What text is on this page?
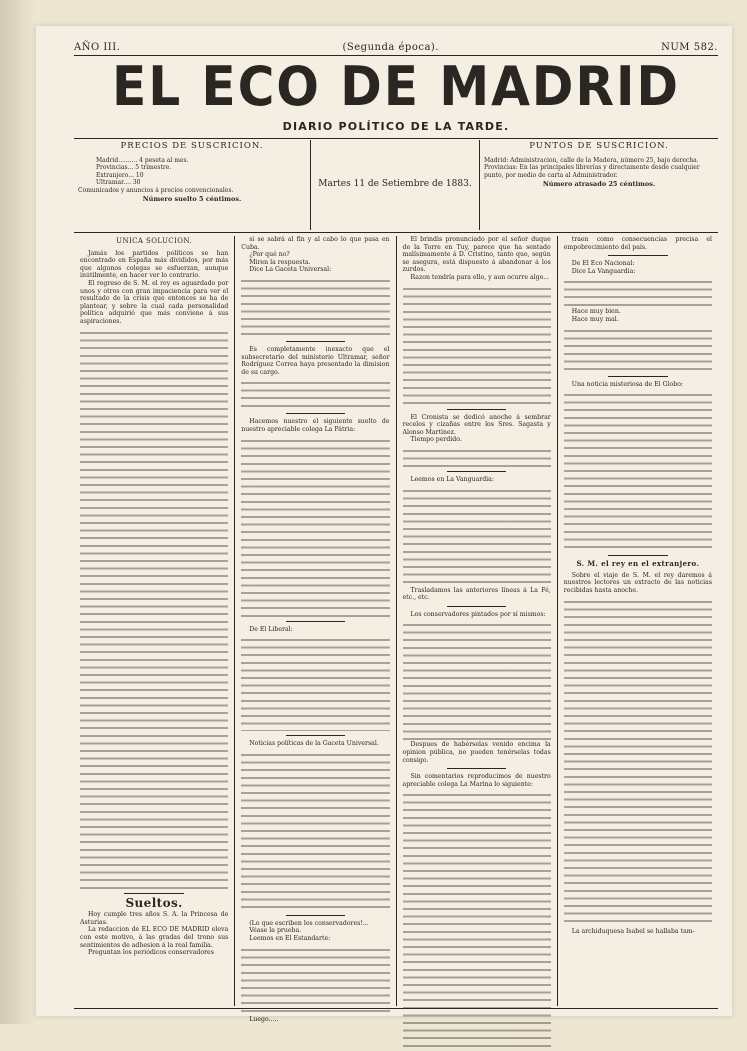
AÑO III.	(Segunda época).	NUM 582.
EL ECO DE MADRID
DIARIO POLÍTICO DE LA TARDE.
PRECIOS DE SUSCRICION.
Madrid.......... 4 peseta al mes.
Provincias... 5 trimestre.
Extranjero... 10
Ultramar.... 30
Comunicados y anuncios á precios convencionales.
Número suelto 5 céntimos.
Martes 11 de Setiembre de 1883.
PUNTOS DE SUSCRICION.
Madrid: Administracion, calle de la Madera, número 25, bajo derecha.
Provincias: En las principales librerías y directamente desde cualquier punto, por medio de carta al Administrador.
Número atrasado 25 céntimos.
UNICA SOLUCION.

Jamás los partidos políticos se han encontrado en España más divididos, por más que algunos colegas se esfuerzan, aunque inútilmente, en hacer ver lo contrario.

El regreso de S. M. el rey es aguardado por unos y otros con gran impaciencia para ver el resultado de la crisis que entonces se ha de plantear, y sobre la cual cada personalidad política adquirió que más conviene á sus aspiraciones.

Sueltos.

Hoy cumple tres años S. A. la Princesa de Asturias.

La redaccion de EL ECO DE MADRID eleva con este motivo, á las gradas del trono sus sentimientos de adhesion á la real familia.

Preguntan los periódicos conservadores

si se sabrá al fin y al cabo lo que pasa en Cuba.

¿Por qué no?

Miren la respuesta.

Dice La Gaceta Universal:

Es completamente inexacto que el subsecretario del ministerio Ultramar, señor Rodríguez Correa haya presentado la dimision de su cargo.

Hacemos nuestro el siguiente suelto de nuestro apreciable colega La Pátria:

De El Liberal:

Noticias políticas de la Gaceta Universal.

(Lo que escriben los conservadores!...

Véase la prueba.

Leemos en El Estandarte:

Luego.....

El brindis pronunciado por el señor duque de la Torre en Tuy, parece que ha sentado malísimamente á D. Cristino, tanto que, según se asegura, está dispuesto á abandonar á los zurdos.

Razon tendría para ello, y aun ocurre algo...

El Cronista se dedicó anoche á sembrar recelos y cizañas entre los Sres. Sagasta y Alonso Martinez.

Tiempo perdido.

Leemos en La Vanguardia:

Trasladamos las anteriores líneas á La Fé, etc., etc.

Los conservadores pintados por sí mismos:

Despues de habérselas venido encima la opinion pública, no pueden tenérselas todas consigo.

Sin comentarios reproducimos de nuestro apreciable colega La Marina lo siguiente:

traen como consecuencias precisa el empobrecimiento del país.

De El Eco Nacional:

Dice La Vanguardia:

Hace muy bien.

Hace muy mal.

Una noticia misteriosa de El Globo:

S. M. el rey en el extranjero.

Sobre el viaje de S. M. el rey daremos á nuestros lectores un extracto de las noticias recibidas hasta anoche.

La archiduquesa Isabel se hallaba tam-
